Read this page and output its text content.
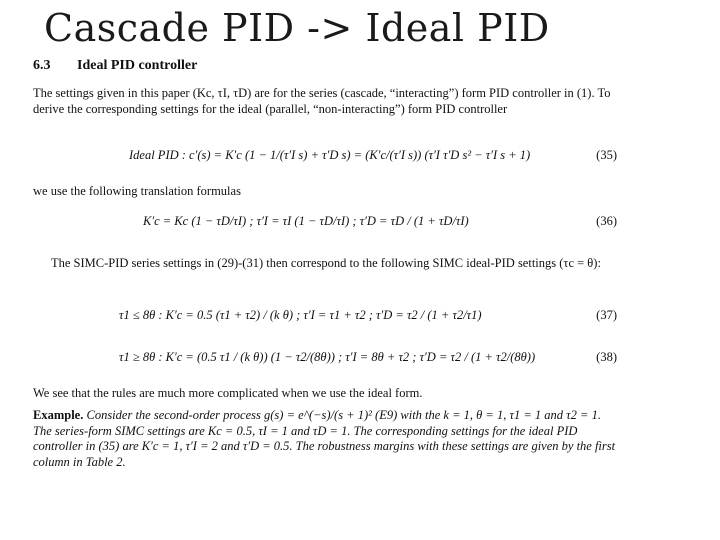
Cascade PID -> Ideal PID
6.3 Ideal PID controller
The settings given in this paper (Kc, τI, τD) are for the series (cascade, “interacting”) form PID controller in (1). To derive the corresponding settings for the ideal (parallel, “non-interacting”) form PID controller
Ideal PID : c′(s) = K′c (1 − 1/(τ′I s) + τ′D s) = (K′c/(τ′I s)) (τ′I τ′D s² − τ′I s + 1)	(35)
we use the following translation formulas
K′c = Kc (1 − τD/τI) ; τ′I = τI (1 − τD/τI) ; τ′D = τD / (1 + τD/τI)	(36)
The SIMC-PID series settings in (29)-(31) then correspond to the following SIMC ideal-PID settings (τc = θ):
τ1 ≤ 8θ : K′c = 0.5 (τ1 + τ2) / (k θ) ; τ′I = τ1 + τ2 ; τ′D = τ2 / (1 + τ2/τ1)	(37)
τ1 ≥ 8θ : K′c = (0.5 τ1 / (k θ)) (1 − τ2/(8θ)) ; τ′I = 8θ + τ2 ; τ′D = τ2 / (1 + τ2/(8θ))	(38)
We see that the rules are much more complicated when we use the ideal form.
Example. Consider the second-order process g(s) = e^(−s)/(s + 1)² (E9) with the k = 1, θ = 1, τ1 = 1 and τ2 = 1. The series-form SIMC settings are Kc = 0.5, τI = 1 and τD = 1. The corresponding settings for the ideal PID controller in (35) are K′c = 1, τ′I = 2 and τ′D = 0.5. The robustness margins with these settings are given by the first column in Table 2.
